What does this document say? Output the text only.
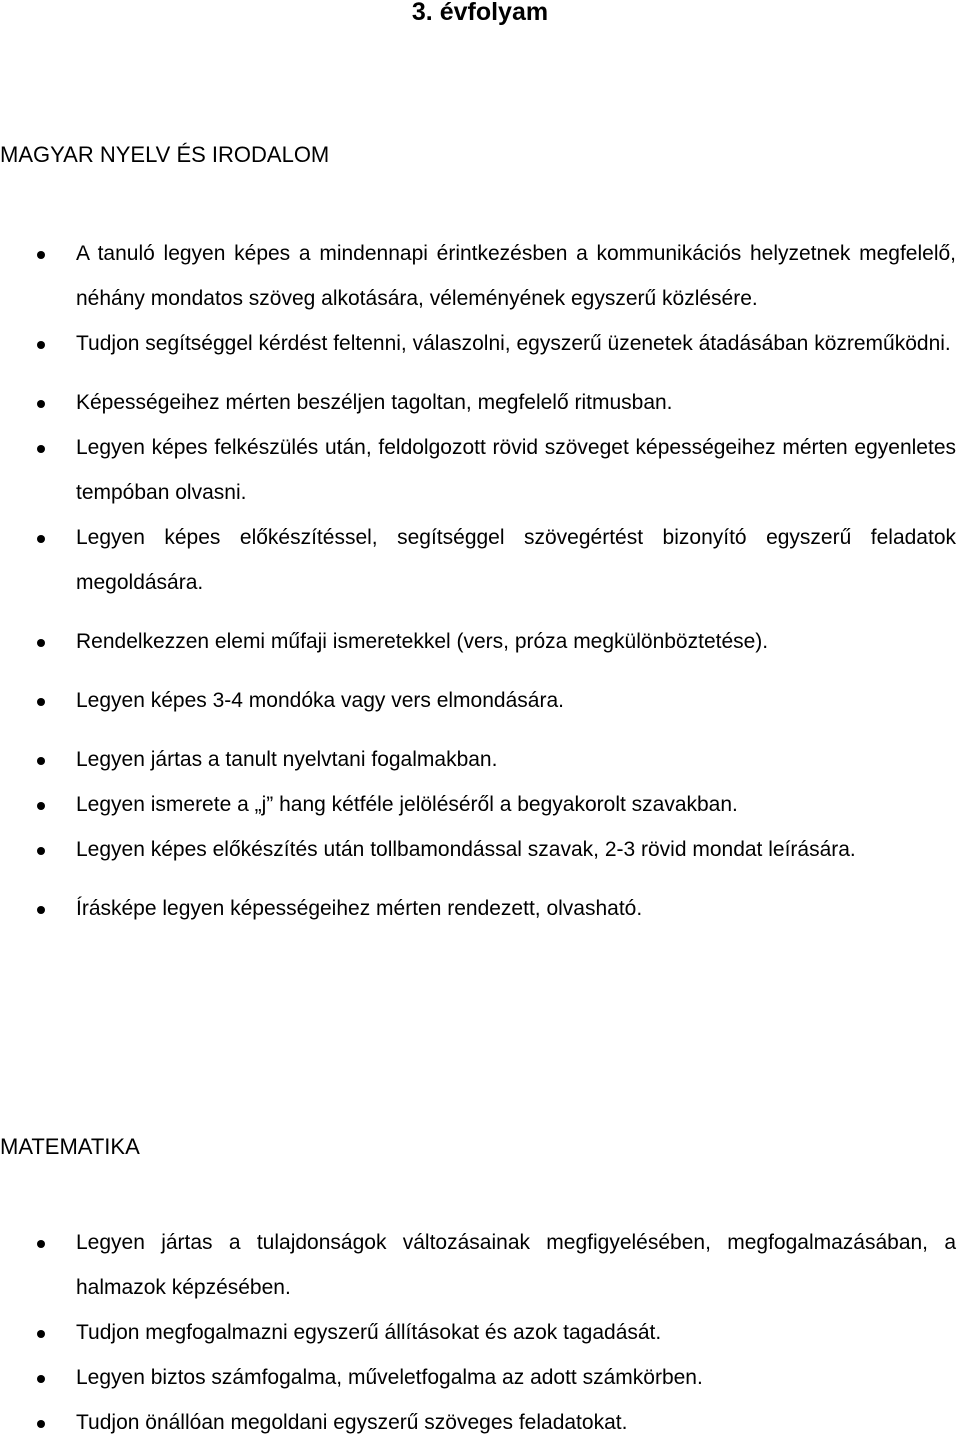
3. évfolyam
MAGYAR NYELV ÉS IRODALOM
A tanuló legyen képes a mindennapi érintkezésben a kommunikációs helyzetnek megfelelő, néhány mondatos szöveg alkotására, véleményének egyszerű közlésére.
Tudjon segítséggel kérdést feltenni, válaszolni, egyszerű üzenetek átadásában közreműködni.
Képességeihez mérten beszéljen tagoltan, megfelelő ritmusban.
Legyen képes felkészülés után, feldolgozott rövid szöveget képességeihez mérten egyenletes tempóban olvasni.
Legyen képes előkészítéssel, segítséggel szövegértést bizonyító egyszerű feladatok megoldására.
Rendelkezzen elemi műfaji ismeretekkel (vers, próza megkülönböztetése).
Legyen képes 3-4 mondóka vagy vers elmondására.
Legyen jártas a tanult nyelvtani fogalmakban.
Legyen ismerete a „j” hang kétféle jelöléséről a begyakorolt szavakban.
Legyen képes előkészítés után tollbamondással szavak, 2-3 rövid mondat leírására.
Írásképe legyen képességeihez mérten rendezett, olvasható.
MATEMATIKA
Legyen jártas a tulajdonságok változásainak megfigyelésében, megfogalmazásában, a halmazok képzésében.
Tudjon megfogalmazni egyszerű állításokat és azok tagadását.
Legyen biztos számfogalma, műveletfogalma az adott számkörben.
Tudjon önállóan megoldani egyszerű szöveges feladatokat.
